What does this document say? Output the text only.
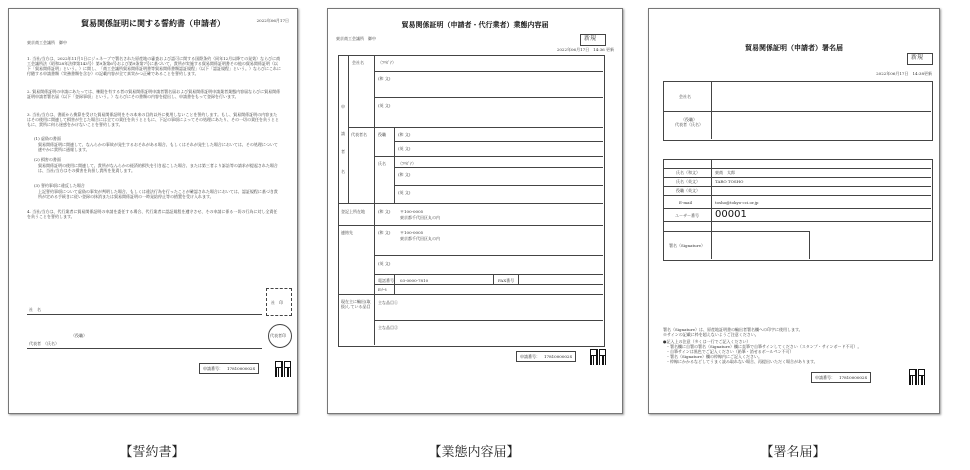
2022年06月17日
貿易関係証明に関する誓約書（申請者）
東京商工会議所　御中
1. 当社/当方は、2022年11月1日にジェネーブで署名された原産地の審査および認可に関する国際条約（同年12月以降ての発効）ならびに商工会議所法（昭和28年法律第143号）第9条第6号および第9条第7号に基づいて、貴所が実施する貿易関係証明書その他の貿易関係証明（以下「貿易関係証明」という。）に関し、「商工会議所貿易関係証明書等貿易関係書類認証規程」（以下「認証規程」という。）ならびにこれに付随する申請書類（実務書類を含む）の記載内容が全て真実かつ正確であることを誓約します。
2. 貿易関係証明の申請にあたっては、権限を有する者の貿易関係証明申請者署名届および貿易関係証明申請業者業態内容届ならびに貿易関係証明申請者署名届（以下「登録事項」という。）ならびにその書類の内容を提出し、申請書をもって登録を行います。
3. 当社/当方は、書面から換算を受けた貿易関係証明をその本来の目的以外に使用しないことを誓約します。もし、貿易関係証明の内容またはその使用に関連して損害が生じた場合には全ての責任を負うとともに、下記の事項によってその処理にあたり、その一切の責任を負うとともに、貴所に何ら迷惑をかけないことを誓約します。
(1) 虚偽の書面
貿易関係証明に関連して、なんらかの事故が発生するおそれがある場合、もしくはそれが発生した場合においては、その処理について速やかに貴所に通報します。
(2) 損害の書面
貿易関係証明の使用に関連して、貴所がなんらかの経済的損失を引き起こした場合、または第三者より訴訟等の請求が提起された場合は、当社/当方はその損害を負担し貴所を免責します。
(3) 誓約事項に違反した場合
上記誓約事項について虚偽の事実が判明した場合、もしくは違法行為を行ったことが確認された場合においては、認証規程に基づき貴所が定める手続きに従い登録の抹消または貿易関係証明の一時発給停止等の措置を受け入れます。
4. 当社/当方は、代行業者に貿易関係証明の申請を委任する場合、代行業者に認証規程を遵守させ、その申請に係る一切の行為に対し全責任を負うことを誓約します。
社　名
社　印
（役職）
代表者　（氏名）
代表者印
申請番号：　1781000002S
貿易関係証明（申請者・代行業者）業態内容届
東京商工会議所　御中	新規
2022年06月17日　14:36 更新
申
請
者
名
会社名	（ﾌﾘｶﾞﾅ）
(和 文)
(英 文)
代表者名	役職	(和 文)
(英 文)
氏名	（ﾌﾘｶﾞﾅ）
(和 文)
(英 文)
登記上所在地	(和 文) 〒100-0005
東京都千代田区丸の内
連絡先	(和 文) 〒100-0005
東京都千代田区丸の内
(英 文)
電話番号 03-0000-7810	FAX番号
Eﾒｰﾙ
現在主に輸出(取扱)している品目
主な品目①
主な品目②
申請番号：　1781000002S
貿易関係証明（申請者）署名届
新規
2022年06月17日　14:38更新
会社名
（役職）
代表者（氏名）
氏名（和文）	東商　太郎
氏名（英文）	TARO TOSHO
役職（英文）
E-mail	tosho@tokyo-cci.or.jp
ユーザー番号 00001
署名（Signature）
署名（Signature）は、原産地証明書の輸出者署名欄への印字に使用します。
※サインの記載に枠を超えないようご注意ください。
●記入上の注意（多くは一行でご記入ください）
・署名欄に自署の署名（Signature）欄に直筆で自筆サインしてください（スタンプ・サインボード不可）。
・自筆サインは黒色でご記入ください（鉛筆・消せるボールペン不可）
・署名（Signature）欄の枠線内にご記入ください。
・枠線にかかるなどしてうまく読み取れない場合、再提出いただく場合があります。
申請番号：　1781000002S
【誓約書】	【業態内容届】	【署名届】
